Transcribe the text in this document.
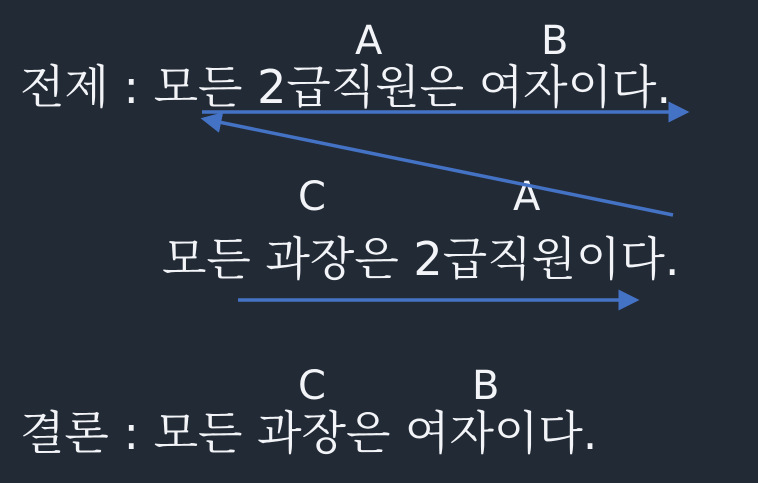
A	B
전제 : 모든 2급직원은 여자이다.
C	A
모든 과장은 2급직원이다.
C	B
결론 : 모든 과장은 여자이다.
